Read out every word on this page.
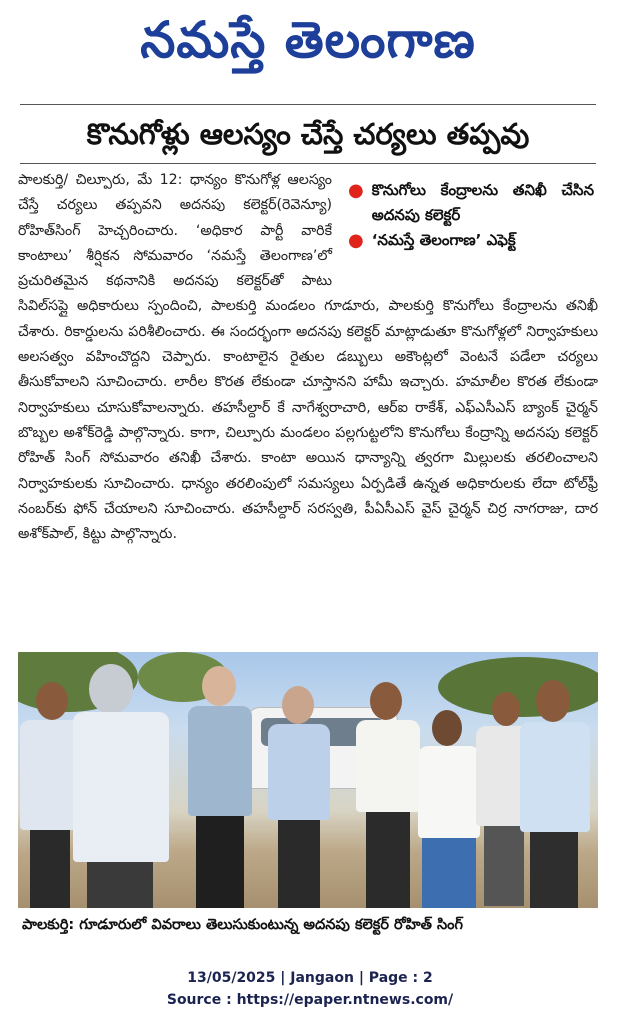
నమస్తే తెలంగాణ
కొనుగోళ్లు ఆలస్యం చేస్తే చర్యలు తప్పవు
● కొనుగోలు కేంద్రాలను తనిఖీ చేసిన అదనపు కలెక్టర్
● ‘నమస్తే తెలంగాణ’ ఎఫెక్ట్
పాలకుర్తి/ చిల్పూరు, మే 12: ధాన్యం కొనుగోళ్ల ఆలస్యం చేస్తే చర్యలు తప్పవని అదనపు కలెక్టర్(రెవెన్యూ) రోహిత్‌సింగ్ హెచ్చరించారు. ‘అధికార పార్టీ వారికే కాంటాలు’ శీర్షికన సోమవారం ‘నమస్తే తెలంగాణ’లో ప్రచురితమైన కథనానికి అదనపు కలెక్టర్‌తో పాటు సివిల్‌సప్లై అధికారులు స్పందించి, పాలకుర్తి మండలం గూడూరు, పాలకుర్తి కొనుగోలు కేంద్రాలను తనిఖీ చేశారు. రికార్డులను పరిశీలించారు. ఈ సందర్భంగా అదనపు కలెక్టర్ మాట్లాడుతూ కొనుగోళ్లలో నిర్వాహకులు అలసత్వం వహించొద్దని చెప్పారు. కాంటాలైన రైతుల డబ్బులు అకౌంట్లలో వెంటనే పడేలా చర్యలు తీసుకోవాలని సూచించారు. లారీల కొరత లేకుండా చూస్తానని హామీ ఇచ్చారు. హమాలీల కొరత లేకుండా నిర్వాహకులు చూసుకోవాలన్నారు. తహసీల్దార్ కే నాగేశ్వరాచారి, ఆర్‌ఐ రాకేశ్, ఎఫ్‌ఎసీఎస్ బ్యాంక్ చైర్మన్ బొబ్బల అశోక్‌రెడ్డి పాల్గొన్నారు. కాగా, చిల్పూరు మండలం పల్లగుట్టలోని కొనుగోలు కేంద్రాన్ని అదనపు కలెక్టర్ రోహిత్ సింగ్ సోమవారం తనిఖీ చేశారు. కాంటా అయిన ధాన్యాన్ని త్వరగా మిల్లులకు తరలించాలని నిర్వాహకులకు సూచించారు. ధాన్యం తరలింపులో సమస్యలు ఏర్పడితే ఉన్నత అధికారులకు లేదా టోల్‌ఫ్రీ నంబర్‌కు ఫోన్ చేయాలని సూచించారు. తహసీల్దార్ సరస్వతి, పీఏసీఎస్ వైస్ చైర్మన్ చిర్ర నాగరాజు, దార అశోక్‌పాల్, కిట్టు పాల్గొన్నారు.
పాలకుర్తి: గూడూరులో వివరాలు తెలుసుకుంటున్న అదనపు కలెక్టర్ రోహిత్ సింగ్
13/05/2025 | Jangaon | Page : 2
Source : https://epaper.ntnews.com/
